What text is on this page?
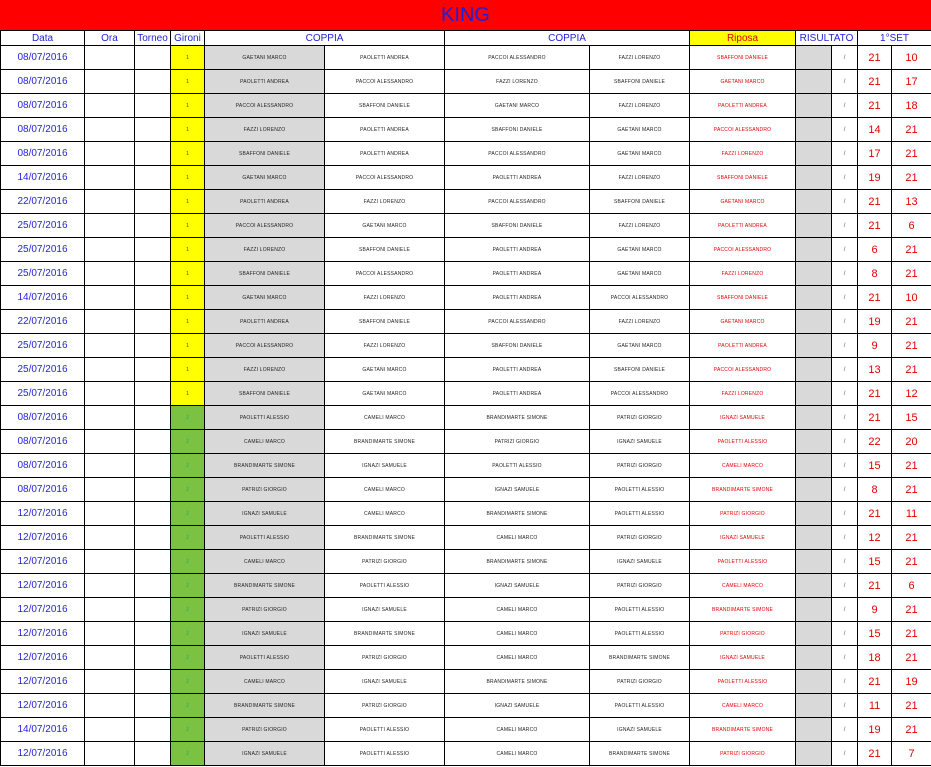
KING
Data	Ora	Torneo	Gironi	COPPIA		COPPIA		Riposa	RISULTATO		1°SET	
08/07/2016			1	GAETANI MARCO	PAOLETTI ANDREA	PACCOI ALESSANDRO	FAZZI LORENZO	SBAFFONI DANIELE		/	21	10
08/07/2016			1	PAOLETTI ANDREA	PACCOI ALESSANDRO	FAZZI LORENZO	SBAFFONI DANIELE	GAETANI MARCO		/	21	17
08/07/2016			1	PACCOI ALESSANDRO	SBAFFONI DANIELE	GAETANI MARCO	FAZZI LORENZO	PAOLETTI ANDREA		/	21	18
08/07/2016			1	FAZZI LORENZO	PAOLETTI ANDREA	SBAFFONI DANIELE	GAETANI MARCO	PACCOI ALESSANDRO		/	14	21
08/07/2016			1	SBAFFONI DANIELE	PAOLETTI ANDREA	PACCOI ALESSANDRO	GAETANI MARCO	FAZZI LORENZO		/	17	21
14/07/2016			1	GAETANI MARCO	PACCOI ALESSANDRO	PAOLETTI ANDREA	FAZZI LORENZO	SBAFFONI DANIELE		/	19	21
22/07/2016			1	PAOLETTI ANDREA	FAZZI LORENZO	PACCOI ALESSANDRO	SBAFFONI DANIELE	GAETANI MARCO		/	21	13
25/07/2016			1	PACCOI ALESSANDRO	GAETANI MARCO	SBAFFONI DANIELE	FAZZI LORENZO	PAOLETTI ANDREA		/	21	6
25/07/2016			1	FAZZI LORENZO	SBAFFONI DANIELE	PAOLETTI ANDREA	GAETANI MARCO	PACCOI ALESSANDRO		/	6	21
25/07/2016			1	SBAFFONI DANIELE	PACCOI ALESSANDRO	PAOLETTI ANDREA	GAETANI MARCO	FAZZI LORENZO		/	8	21
14/07/2016			1	GAETANI MARCO	FAZZI LORENZO	PAOLETTI ANDREA	PACCOI ALESSANDRO	SBAFFONI DANIELE		/	21	10
22/07/2016			1	PAOLETTI ANDREA	SBAFFONI DANIELE	PACCOI ALESSANDRO	FAZZI LORENZO	GAETANI MARCO		/	19	21
25/07/2016			1	PACCOI ALESSANDRO	FAZZI LORENZO	SBAFFONI DANIELE	GAETANI MARCO	PAOLETTI ANDREA		/	9	21
25/07/2016			1	FAZZI LORENZO	GAETANI MARCO	PAOLETTI ANDREA	SBAFFONI DANIELE	PACCOI ALESSANDRO		/	13	21
25/07/2016			1	SBAFFONI DANIELE	GAETANI MARCO	PAOLETTI ANDREA	PACCOI ALESSANDRO	FAZZI LORENZO		/	21	12
08/07/2016			2	PAOLETTI ALESSIO	CAMELI MARCO	BRANDIMARTE SIMONE	PATRIZI GIORGIO	IGNAZI SAMUELE		/	21	15
08/07/2016			2	CAMELI MARCO	BRANDIMARTE SIMONE	PATRIZI GIORGIO	IGNAZI SAMUELE	PAOLETTI ALESSIO		/	22	20
08/07/2016			2	BRANDIMARTE SIMONE	IGNAZI SAMUELE	PAOLETTI ALESSIO	PATRIZI GIORGIO	CAMELI MARCO		/	15	21
08/07/2016			2	PATRIZI GIORGIO	CAMELI MARCO	IGNAZI SAMUELE	PAOLETTI ALESSIO	BRANDIMARTE SIMONE		/	8	21
12/07/2016			2	IGNAZI SAMUELE	CAMELI MARCO	BRANDIMARTE SIMONE	PAOLETTI ALESSIO	PATRIZI GIORGIO		/	21	11
12/07/2016			2	PAOLETTI ALESSIO	BRANDIMARTE SIMONE	CAMELI MARCO	PATRIZI GIORGIO	IGNAZI SAMUELE		/	12	21
12/07/2016			2	CAMELI MARCO	PATRIZI GIORGIO	BRANDIMARTE SIMONE	IGNAZI SAMUELE	PAOLETTI ALESSIO		/	15	21
12/07/2016			2	BRANDIMARTE SIMONE	PAOLETTI ALESSIO	IGNAZI SAMUELE	PATRIZI GIORGIO	CAMELI MARCO		/	21	6
12/07/2016			2	PATRIZI GIORGIO	IGNAZI SAMUELE	CAMELI MARCO	PAOLETTI ALESSIO	BRANDIMARTE SIMONE		/	9	21
12/07/2016			2	IGNAZI SAMUELE	BRANDIMARTE SIMONE	CAMELI MARCO	PAOLETTI ALESSIO	PATRIZI GIORGIO		/	15	21
12/07/2016			2	PAOLETTI ALESSIO	PATRIZI GIORGIO	CAMELI MARCO	BRANDIMARTE SIMONE	IGNAZI SAMUELE		/	18	21
12/07/2016			2	CAMELI MARCO	IGNAZI SAMUELE	BRANDIMARTE SIMONE	PATRIZI GIORGIO	PAOLETTI ALESSIO		/	21	19
12/07/2016			2	BRANDIMARTE SIMONE	PATRIZI GIORGIO	IGNAZI SAMUELE	PAOLETTI ALESSIO	CAMELI MARCO		/	11	21
14/07/2016			2	PATRIZI GIORGIO	PAOLETTI ALESSIO	CAMELI MARCO	IGNAZI SAMUELE	BRANDIMARTE SIMONE		/	19	21
12/07/2016			2	IGNAZI SAMUELE	PAOLETTI ALESSIO	CAMELI MARCO	BRANDIMARTE SIMONE	PATRIZI GIORGIO		/	21	7
